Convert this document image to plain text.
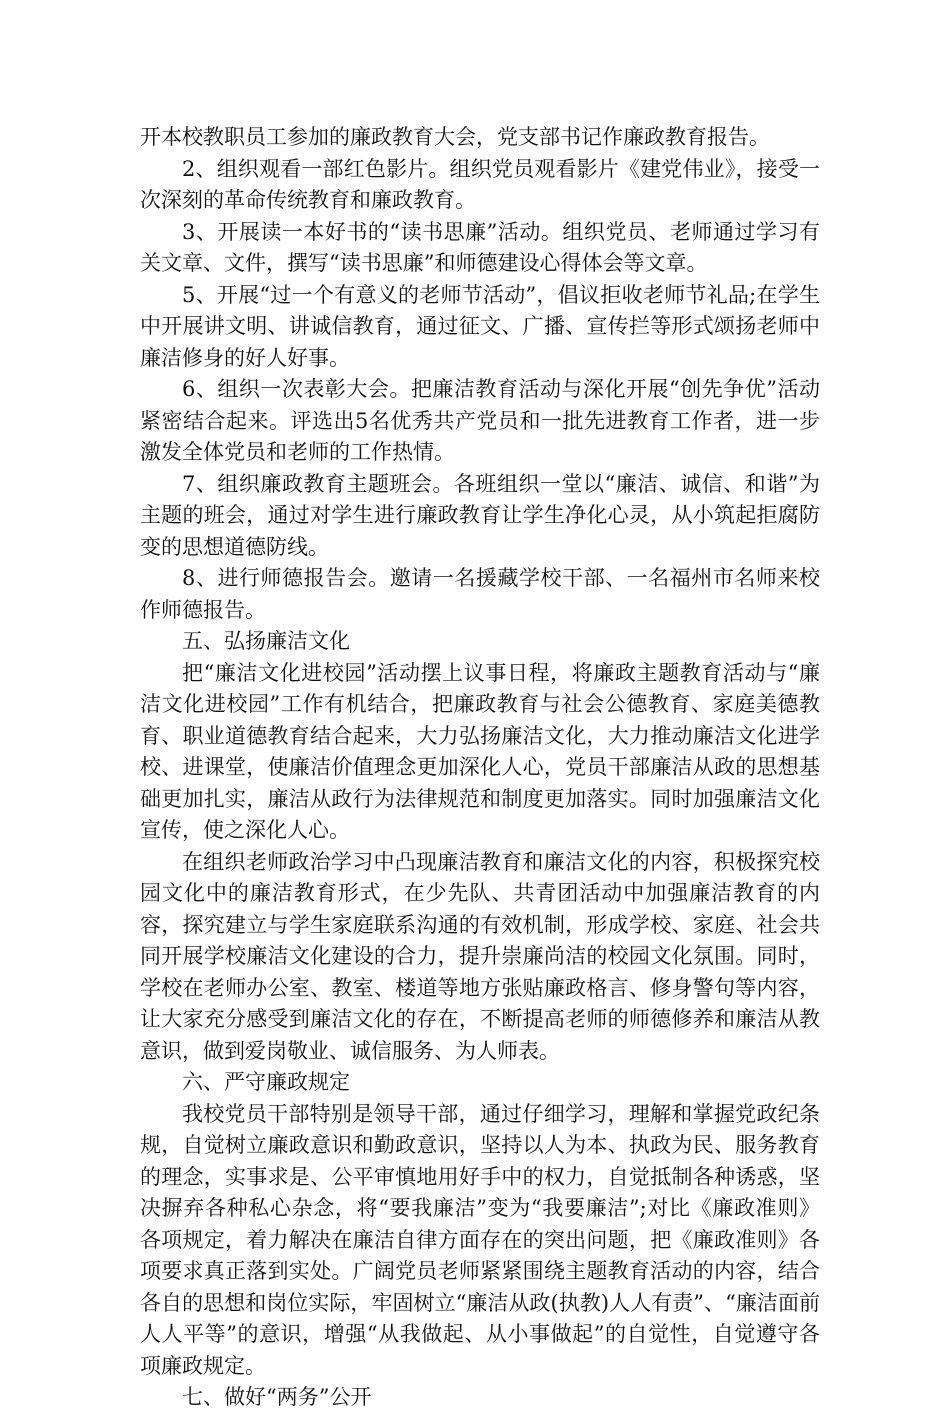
开本校教职员工参加的廉政教育大会，党支部书记作廉政教育报告。

2、组织观看一部红色影片。组织党员观看影片《建党伟业》，接受一次深刻的革命传统教育和廉政教育。

3、开展读一本好书的“读书思廉”活动。组织党员、老师通过学习有关文章、文件，撰写“读书思廉”和师德建设心得体会等文章。

5、开展“过一个有意义的老师节活动”，倡议拒收老师节礼品;在学生中开展讲文明、讲诚信教育，通过征文、广播、宣传拦等形式颂扬老师中廉洁修身的好人好事。

6、组织一次表彰大会。把廉洁教育活动与深化开展“创先争优”活动紧密结合起来。评选出5名优秀共产党员和一批先进教育工作者，进一步激发全体党员和老师的工作热情。

7、组织廉政教育主题班会。各班组织一堂以“廉洁、诚信、和谐”为主题的班会，通过对学生进行廉政教育让学生净化心灵，从小筑起拒腐防变的思想道德防线。

8、进行师德报告会。邀请一名援藏学校干部、一名福州市名师来校作师德报告。

五、弘扬廉洁文化

把“廉洁文化进校园”活动摆上议事日程，将廉政主题教育活动与“廉洁文化进校园”工作有机结合，把廉政教育与社会公德教育、家庭美德教育、职业道德教育结合起来，大力弘扬廉洁文化，大力推动廉洁文化进学校、进课堂，使廉洁价值理念更加深化人心，党员干部廉洁从政的思想基础更加扎实，廉洁从政行为法律规范和制度更加落实。同时加强廉洁文化宣传，使之深化人心。

在组织老师政治学习中凸现廉洁教育和廉洁文化的内容，积极探究校园文化中的廉洁教育形式，在少先队、共青团活动中加强廉洁教育的内容，探究建立与学生家庭联系沟通的有效机制，形成学校、家庭、社会共同开展学校廉洁文化建设的合力，提升崇廉尚洁的校园文化氛围。同时，学校在老师办公室、教室、楼道等地方张贴廉政格言、修身警句等内容，让大家充分感受到廉洁文化的存在，不断提高老师的师德修养和廉洁从教意识，做到爱岗敬业、诚信服务、为人师表。

六、严守廉政规定

我校党员干部特别是领导干部，通过仔细学习，理解和掌握党政纪条规，自觉树立廉政意识和勤政意识，坚持以人为本、执政为民、服务教育的理念，实事求是、公平审慎地用好手中的权力，自觉抵制各种诱惑，坚决摒弃各种私心杂念，将“要我廉洁”变为“我要廉洁”;对比《廉政准则》各项规定，着力解决在廉洁自律方面存在的突出问题，把《廉政准则》各项要求真正落到实处。广阔党员老师紧紧围绕主题教育活动的内容，结合各自的思想和岗位实际，牢固树立“廉洁从政(执教)人人有责”、“廉洁面前人人平等”的意识，增强“从我做起、从小事做起”的自觉性，自觉遵守各项廉政规定。

七、做好“两务”公开
